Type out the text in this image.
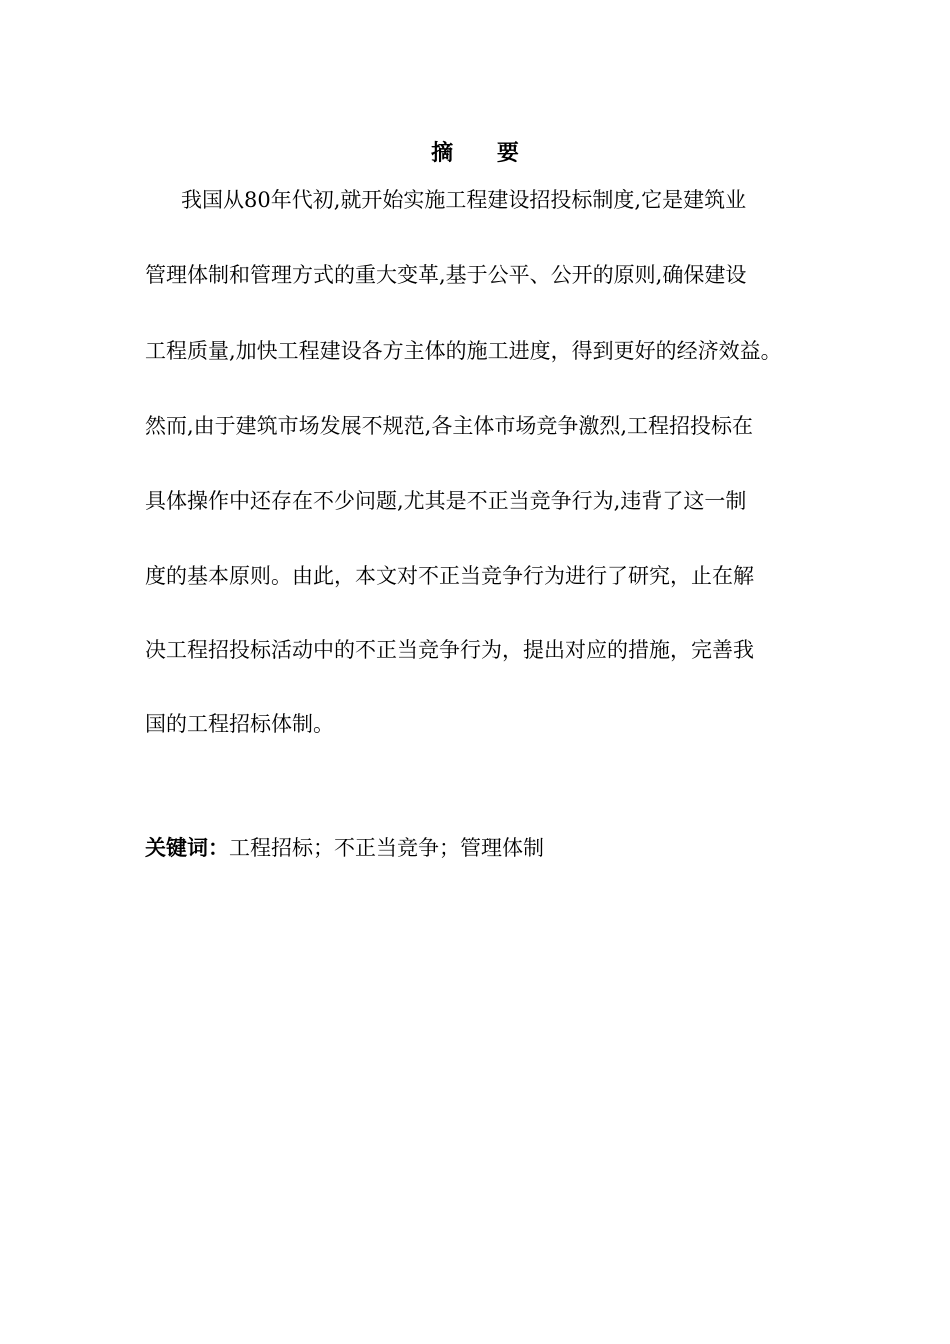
摘 要
我国从80年代初,就开始实施工程建设招投标制度,它是建筑业
管理体制和管理方式的重大变革,基于公平、公开的原则,确保建设
工程质量,加快工程建设各方主体的施工进度，得到更好的经济效益。
然而,由于建筑市场发展不规范,各主体市场竞争激烈,工程招投标在
具体操作中还存在不少问题,尤其是不正当竞争行为,违背了这一制
度的基本原则。由此，本文对不正当竞争行为进行了研究，止在解
决工程招投标活动中的不正当竞争行为，提出对应的措施，完善我
国的工程招标体制。
关键词：工程招标；不正当竞争；管理体制
